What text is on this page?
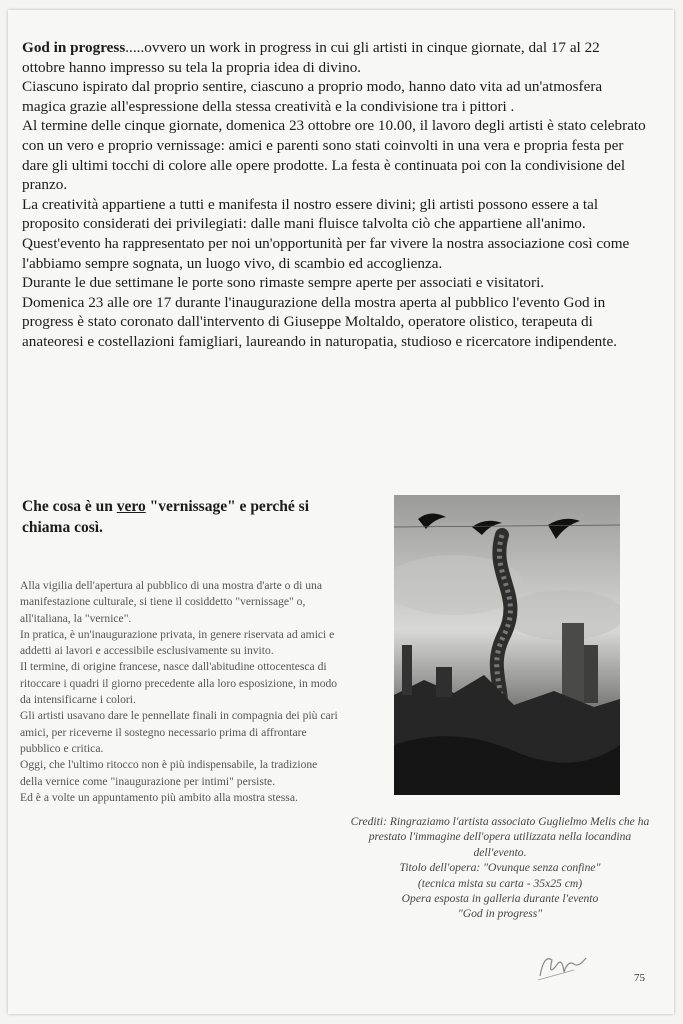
God in progress.....ovvero un work in progress in cui gli artisti in cinque giornate, dal 17 al 22 ottobre hanno impresso su tela la propria idea di divino.

Ciascuno ispirato dal proprio sentire, ciascuno a proprio modo, hanno dato vita ad un'atmosfera magica grazie all'espressione della stessa creatività e la condivisione tra i pittori .

Al termine delle cinque giornate, domenica 23 ottobre ore 10.00, il lavoro degli artisti è stato celebrato con un vero e proprio vernissage: amici e parenti sono stati coinvolti in una vera e propria festa per dare gli ultimi tocchi di colore alle opere prodotte. La festa è continuata poi con la condivisione del pranzo.

La creatività appartiene a tutti e manifesta il nostro essere divini; gli artisti possono essere a tal proposito considerati dei privilegiati: dalle mani fluisce talvolta ciò che appartiene all'animo.

Quest'evento ha rappresentato per noi un'opportunità per far vivere la nostra associazione così come l'abbiamo sempre sognata, un luogo vivo, di scambio ed accoglienza.

Durante le due settimane le porte sono rimaste sempre aperte per associati e visitatori.

Domenica 23 alle ore 17 durante l'inaugurazione della mostra aperta al pubblico l'evento God in progress è stato coronato dall'intervento di Giuseppe Moltaldo, operatore olistico, terapeuta di anateoresi e costellazioni famigliari, laureando in naturopatia, studioso e ricercatore indipendente.

Che cosa è un vero "vernissage" e perché si chiama così.

Alla vigilia dell'apertura al pubblico di una mostra d'arte o di una manifestazione culturale, si tiene il cosiddetto "vernissage" o, all'italiana, la "vernice".

In pratica, è un'inaugurazione privata, in genere riservata ad amici e addetti ai lavori e accessibile esclusivamente su invito.

Il termine, di origine francese, nasce dall'abitudine ottocentesca di ritoccare i quadri il giorno precedente alla loro esposizione, in modo da intensificarne i colori.

Gli artisti usavano dare le pennellate finali in compagnia dei più cari amici, per riceverne il sostegno necessario prima di affrontare pubblico e critica.

Oggi, che l'ultimo ritocco non è più indispensabile, la tradizione della vernice come "inaugurazione per intimi" persiste.

Ed è a volte un appuntamento più ambito alla mostra stessa.

Crediti: Ringraziamo l'artista associato Guglielmo Melis che ha prestato l'immagine dell'opera utilizzata nella locandina dell'evento.

Titolo dell'opera: "Ovunque senza confine"

(tecnica mista su carta - 35x25 cm)

Opera esposta in galleria durante l'evento

"God in progress"

75
